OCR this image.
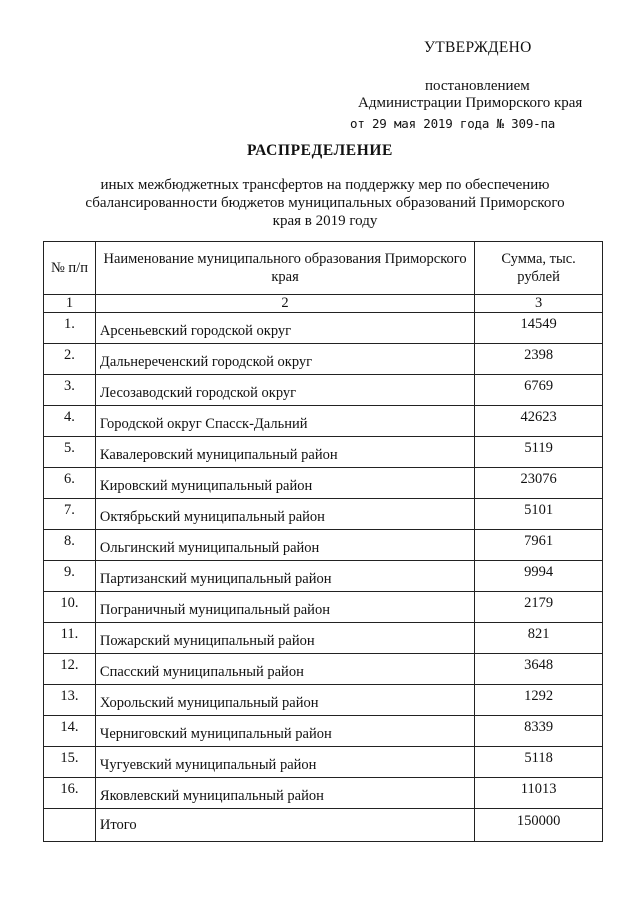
УТВЕРЖДЕНО
постановлением
Администрации Приморского края
от 29 мая 2019 года № 309-па
РАСПРЕДЕЛЕНИЕ
иных межбюджетных трансфертов на поддержку мер по обеспечению сбалансированности бюджетов муниципальных образований Приморского края в 2019 году
№ п/п	Наименование муниципального образования Приморского края	Сумма, тыс. рублей
1	2	3
1.	Арсеньевский городской округ	14549
2.	Дальнереченский городской округ	2398
3.	Лесозаводский городской округ	6769
4.	Городской округ Спасск-Дальний	42623
5.	Кавалеровский муниципальный район	5119
6.	Кировский муниципальный район	23076
7.	Октябрьский муниципальный район	5101
8.	Ольгинский муниципальный район	7961
9.	Партизанский муниципальный район	9994
10.	Пограничный муниципальный район	2179
11.	Пожарский муниципальный район	821
12.	Спасский муниципальный район	3648
13.	Хорольский муниципальный район	1292
14.	Черниговский муниципальный район	8339
15.	Чугуевский муниципальный район	5118
16.	Яковлевский муниципальный район	11013
	Итого	150000
